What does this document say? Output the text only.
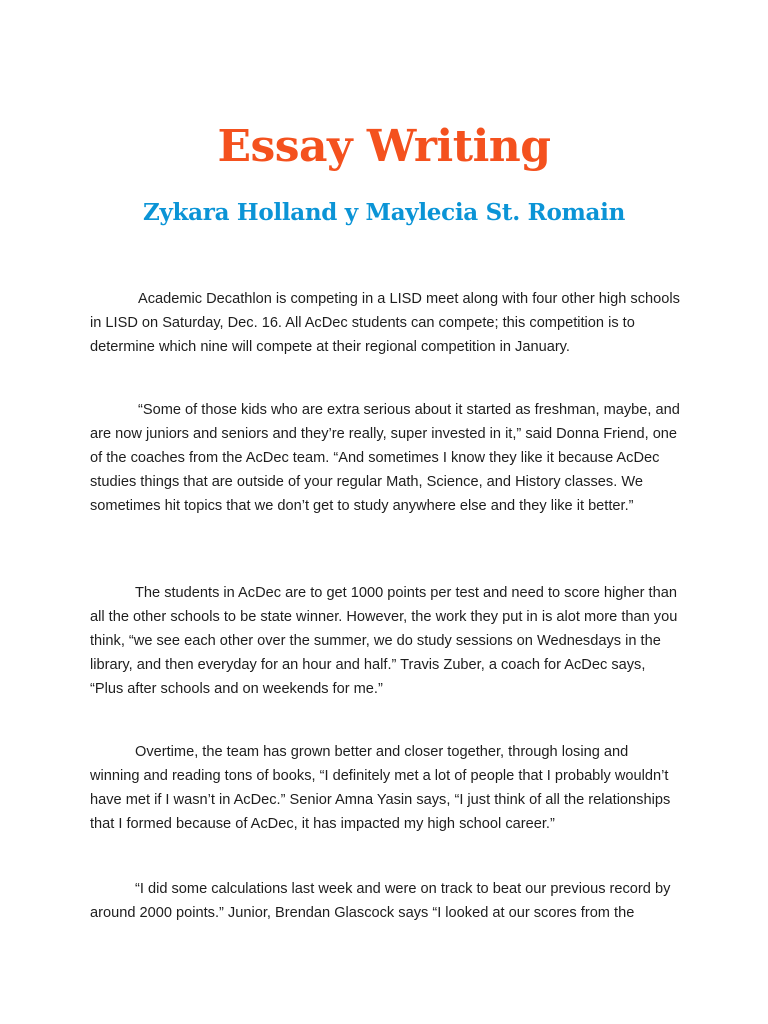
Essay Writing
Zykara Holland y Maylecia St. Romain

Academic Decathlon is competing in a LISD meet along with four other high schools in LISD on Saturday, Dec. 16. All AcDec students can compete; this competition is to determine which nine will compete at their regional competition in January.

“Some of those kids who are extra serious about it started as freshman, maybe, and are now juniors and seniors and they’re really, super invested in it,” said Donna Friend, one of the coaches from the AcDec team. “And sometimes I know they like it because AcDec studies things that are outside of your regular Math, Science, and History classes. We sometimes hit topics that we don’t get to study anywhere else and they like it better.”

The students in AcDec are to get 1000 points per test and need to score higher than all the other schools to be state winner. However, the work they put in is alot more than you think, “we see each other over the summer, we do study sessions on Wednesdays in the library, and then everyday for an hour and half.” Travis Zuber, a coach for AcDec says, “Plus after schools and on weekends for me.”

Overtime, the team has grown better and closer together, through losing and winning and reading tons of books, “I definitely met a lot of people that I probably wouldn’t have met if I wasn’t in AcDec.” Senior Amna Yasin says, “I just think of all the relationships that I formed because of AcDec, it has impacted my high school career.”

“I did some calculations last week and were on track to beat our previous record by around 2000 points.” Junior, Brendan Glascock says “I looked at our scores from the
